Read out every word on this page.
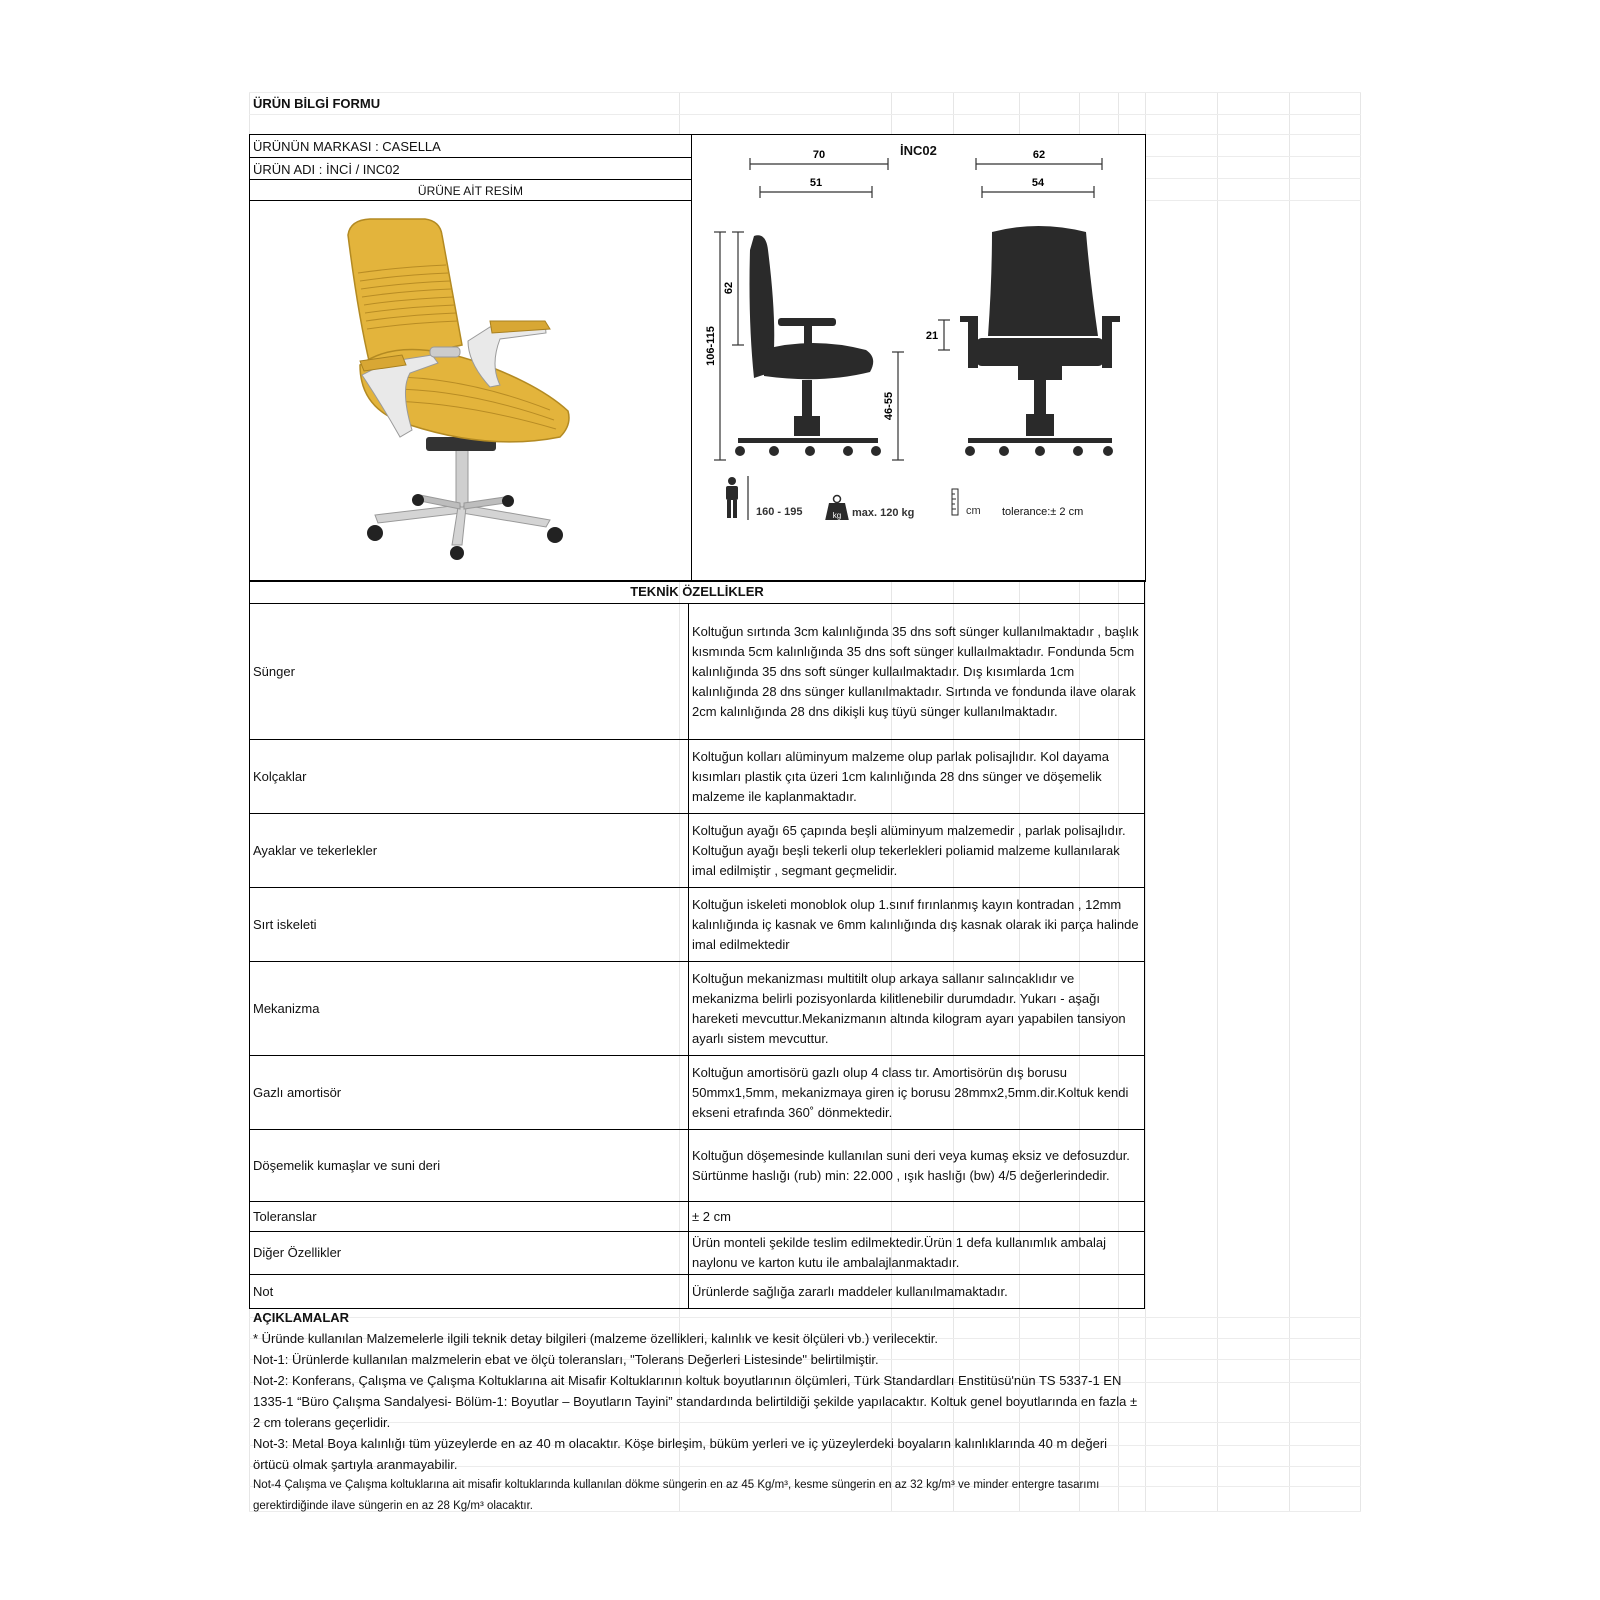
ÜRÜN BİLGİ FORMU
ÜRÜNÜN MARKASI : CASELLA
ÜRÜN ADI : İNCİ / INC02
ÜRÜNE AİT RESİM
İNC02
70
51
62
54
106-115
62
46-55
21
160 - 195	kg max. 120 kg	cm tolerance:± 2 cm
TEKNİK ÖZELLİKLER	
Sünger	Koltuğun sırtında 3cm kalınlığında 35 dns soft sünger kullanılmaktadır , başlık kısmında 5cm kalınlığında 35 dns soft sünger kullaılmaktadır. Fondunda 5cm kalınlığında 35 dns soft sünger kullaılmaktadır. Dış kısımlarda 1cm kalınlığında 28 dns sünger kullanılmaktadır. Sırtında ve fondunda ilave olarak 2cm kalınlığında 28 dns dikişli kuş tüyü sünger kullanılmaktadır.
Kolçaklar	Koltuğun kolları alüminyum malzeme olup parlak polisajlıdır. Kol dayama kısımları plastik çıta üzeri 1cm kalınlığında 28 dns sünger ve döşemelik malzeme ile kaplanmaktadır.
Ayaklar ve tekerlekler	Koltuğun ayağı 65 çapında beşli alüminyum malzemedir , parlak polisajlıdır. Koltuğun ayağı beşli tekerli olup tekerlekleri poliamid malzeme kullanılarak imal edilmiştir , segmant geçmelidir.
Sırt iskeleti	Koltuğun iskeleti monoblok olup 1.sınıf fırınlanmış kayın kontradan , 12mm kalınlığında iç kasnak ve 6mm kalınlığında dış kasnak olarak iki parça halinde imal edilmektedir
Mekanizma	Koltuğun mekanizması multitilt olup arkaya sallanır salıncaklıdır ve mekanizma belirli pozisyonlarda kilitlenebilir durumdadır. Yukarı - aşağı hareketi mevcuttur.Mekanizmanın altında kilogram ayarı yapabilen tansiyon ayarlı sistem mevcuttur.
Gazlı amortisör	Koltuğun amortisörü gazlı olup 4 class tır. Amortisörün dış borusu 50mmx1,5mm, mekanizmaya giren iç borusu 28mmx2,5mm.dir.Koltuk kendi ekseni etrafında 360˚ dönmektedir.
Döşemelik kumaşlar ve suni deri	Koltuğun döşemesinde kullanılan suni deri veya kumaş eksiz ve defosuzdur. Sürtünme haslığı (rub) min: 22.000 , ışık haslığı (bw) 4/5 değerlerindedir.
Toleranslar	± 2 cm
Diğer Özellikler	Ürün monteli şekilde teslim edilmektedir.Ürün 1 defa kullanımlık ambalaj naylonu ve karton kutu ile ambalajlanmaktadır.
Not	Ürünlerde sağlığa zararlı maddeler kullanılmamaktadır.
AÇIKLAMALAR
* Üründe kullanılan Malzemelerle ilgili teknik detay bilgileri (malzeme özellikleri, kalınlık ve kesit ölçüleri vb.) verilecektir.
Not-1: Ürünlerde kullanılan malzmelerin ebat ve ölçü toleransları, "Tolerans Değerleri Listesinde" belirtilmiştir.
Not-2: Konferans, Çalışma ve Çalışma Koltuklarına ait Misafir Koltuklarının koltuk boyutlarının ölçümleri, Türk Standardları Enstitüsü'nün TS 5337-1 EN 1335-1 “Büro Çalışma Sandalyesi- Bölüm-1: Boyutlar – Boyutların Tayini” standardında belirtildiği şekilde yapılacaktır. Koltuk genel boyutlarında en fazla ± 2 cm tolerans geçerlidir.
Not-3: Metal Boya kalınlığı tüm yüzeylerde en az 40 m olacaktır. Köşe birleşim, büküm yerleri ve iç yüzeylerdeki boyaların kalınlıklarında 40 m değeri örtücü olmak şartıyla aranmayabilir.
Not-4 Çalışma ve Çalışma koltuklarına ait misafir koltuklarında kullanılan dökme süngerin en az 45 Kg/m³, kesme süngerin en az 32 kg/m³ ve minder entergre tasarımı gerektirdiğinde ilave süngerin en az 28 Kg/m³ olacaktır.
